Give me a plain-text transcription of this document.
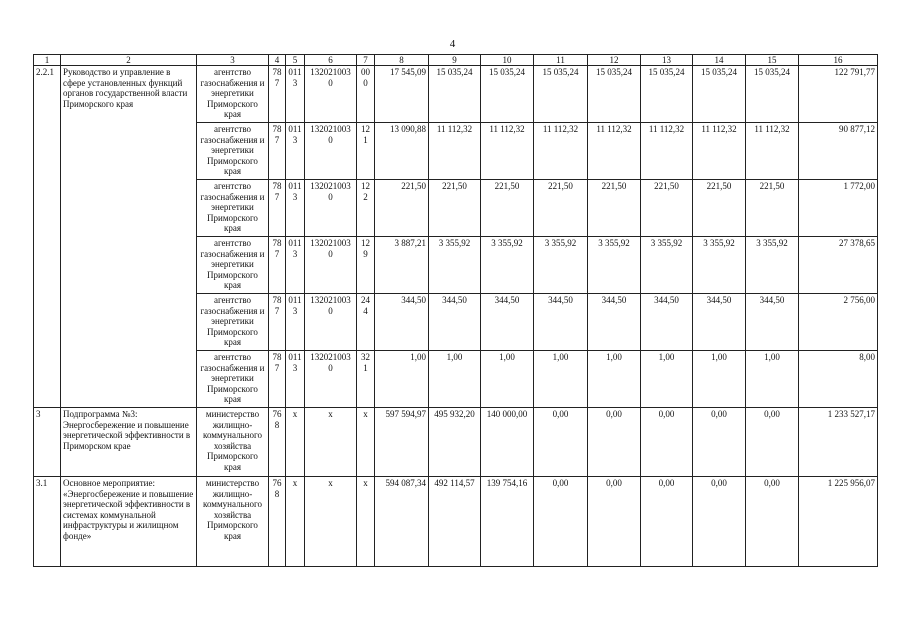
4
1	2	3	4	5	6	7	8	9	10	11	12	13	14	15	16
2.2.1	Руководство и управление в сфере установленных функций органов государственной власти Приморского края	агентство газоснабжения и энергетики Приморского края	787	011 3	132021003 0	000	17 545,09	15 035,24	15 035,24	15 035,24	15 035,24	15 035,24	15 035,24	15 035,24	122 791,77
		агентство газоснабжения и энергетики Приморского края	787	011 3	132021003 0	121	13 090,88	11 112,32	11 112,32	11 112,32	11 112,32	11 112,32	11 112,32	11 112,32	90 877,12
		агентство газоснабжения и энергетики Приморского края	787	011 3	132021003 0	122	221,50	221,50	221,50	221,50	221,50	221,50	221,50	221,50	1 772,00
		агентство газоснабжения и энергетики Приморского края	787	011 3	132021003 0	129	3 887,21	3 355,92	3 355,92	3 355,92	3 355,92	3 355,92	3 355,92	3 355,92	27 378,65
		агентство газоснабжения и энергетики Приморского края	787	011 3	132021003 0	244	344,50	344,50	344,50	344,50	344,50	344,50	344,50	344,50	2 756,00
		агентство газоснабжения и энергетики Приморского края	787	011 3	132021003 0	321	1,00	1,00	1,00	1,00	1,00	1,00	1,00	1,00	8,00
3	Подпрограмма №3: Энергосбережение и повышение энергетической эффективности в Приморском крае	министерство жилищно-коммунального хозяйства Приморского края	768	х	х	х	597 594,97	495 932,20	140 000,00	0,00	0,00	0,00	0,00	0,00	1 233 527,17
3.1	Основное мероприятие: «Энергосбережение и повышение энергетической эффективности в системах коммунальной инфраструктуры и жилищном фонде»	министерство жилищно-коммунального хозяйства Приморского края	768	х	х	х	594 087,34	492 114,57	139 754,16	0,00	0,00	0,00	0,00	0,00	1 225 956,07
